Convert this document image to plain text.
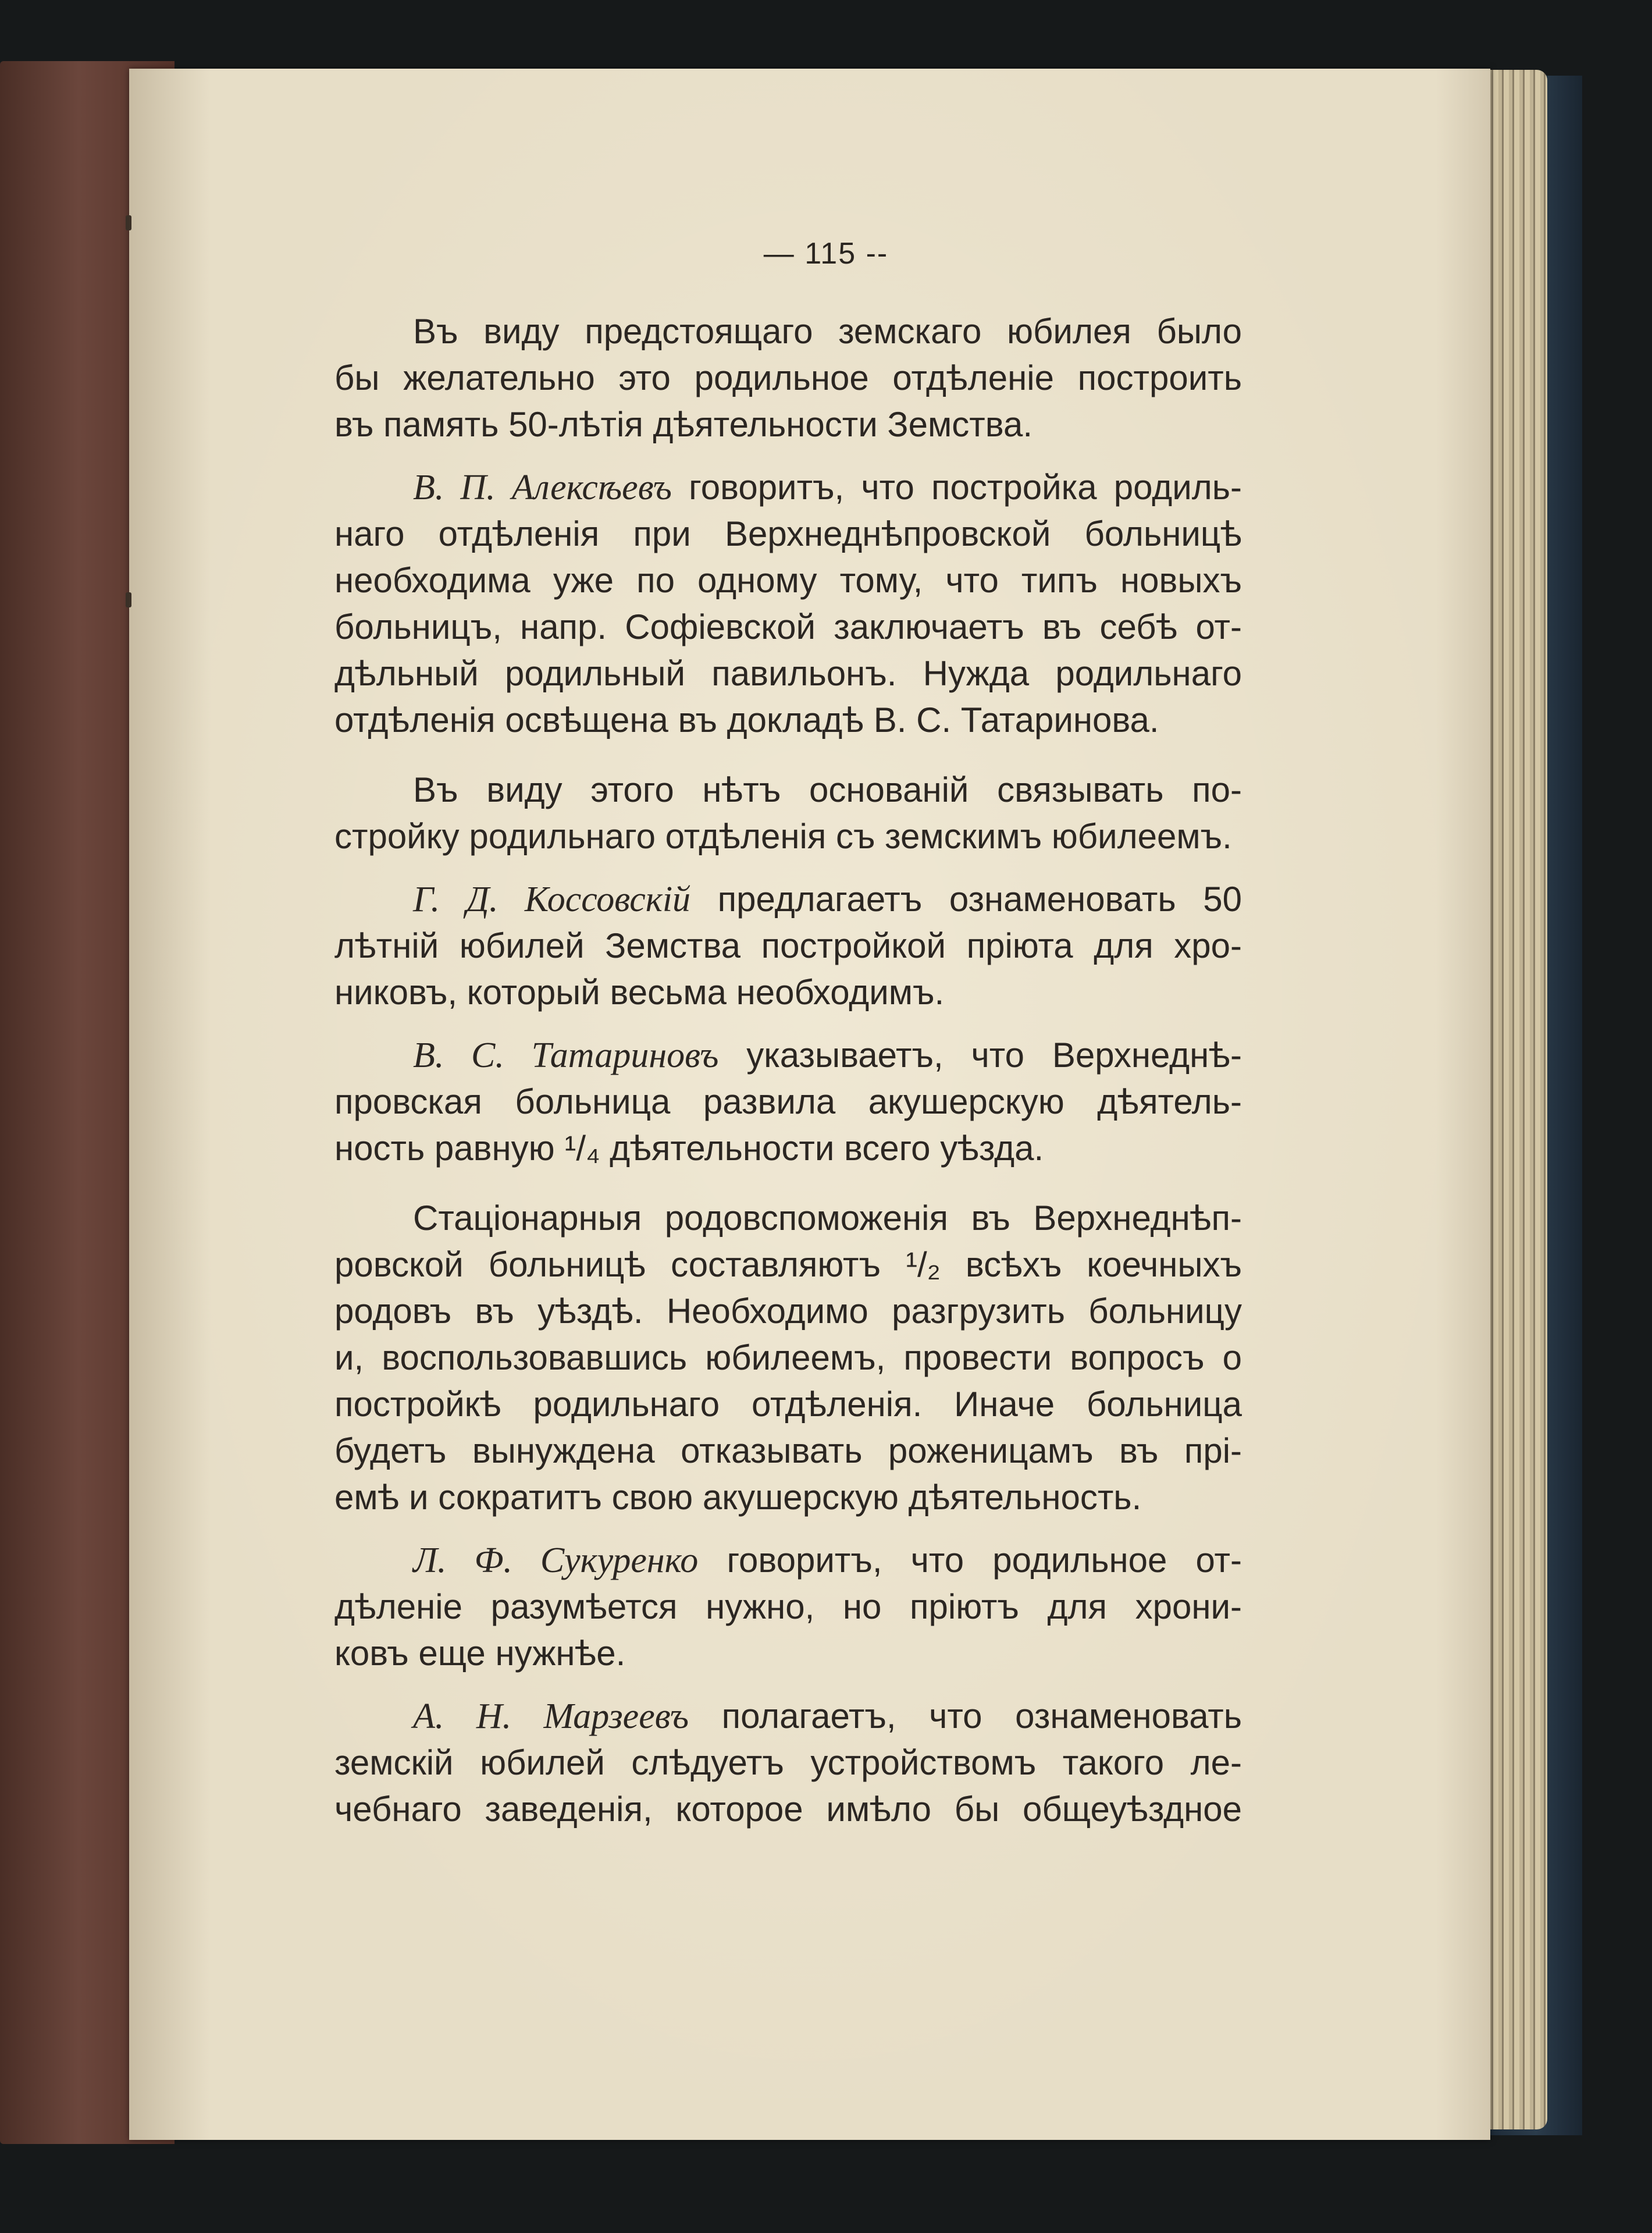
— 115 --
Въ виду предстоящаго земскаго юбилея было
бы желательно это родильное отдѣленіе построить
въ память 50-лѣтія дѣятельности Земства.
В. П. Алексѣевъ говоритъ, что постройка родиль-
наго отдѣленія при Верхнеднѣпровской больницѣ
необходима уже по одному тому, что типъ новыхъ
больницъ, напр. Софіевской заключаетъ въ себѣ от-
дѣльный родильный павильонъ. Нужда родильнаго
отдѣленія освѣщена въ докладѣ В. С. Татаринова.
Въ виду этого нѣтъ основаній связывать по-
стройку родильнаго отдѣленія съ земскимъ юбилеемъ.
Г. Д. Коссовскій предлагаетъ ознаменовать 50
лѣтній юбилей Земства постройкой пріюта для хро-
никовъ, который весьма необходимъ.
В. С. Татариновъ указываетъ, что Верхнеднѣ-
провская больница развила акушерскую дѣятель-
ность равную ¹/₄ дѣятельности всего уѣзда.
Стаціонарныя родовспоможенія въ Верхнеднѣп-
ровской больницѣ составляютъ ¹/₂ всѣхъ коечныхъ
родовъ въ уѣздѣ. Необходимо разгрузить больницу
и, воспользовавшись юбилеемъ, провести вопросъ о
постройкѣ родильнаго отдѣленія. Иначе больница
будетъ вынуждена отказывать роженицамъ въ прі-
емѣ и сократитъ свою акушерскую дѣятельность.
Л. Ф. Сукуренко говоритъ, что родильное от-
дѣленіе разумѣется нужно, но пріютъ для хрони-
ковъ еще нужнѣе.
А. Н. Марзеевъ полагаетъ, что ознаменовать
земскій юбилей слѣдуетъ устройствомъ такого ле-
чебнаго заведенія, которое имѣло бы общеуѣздное
